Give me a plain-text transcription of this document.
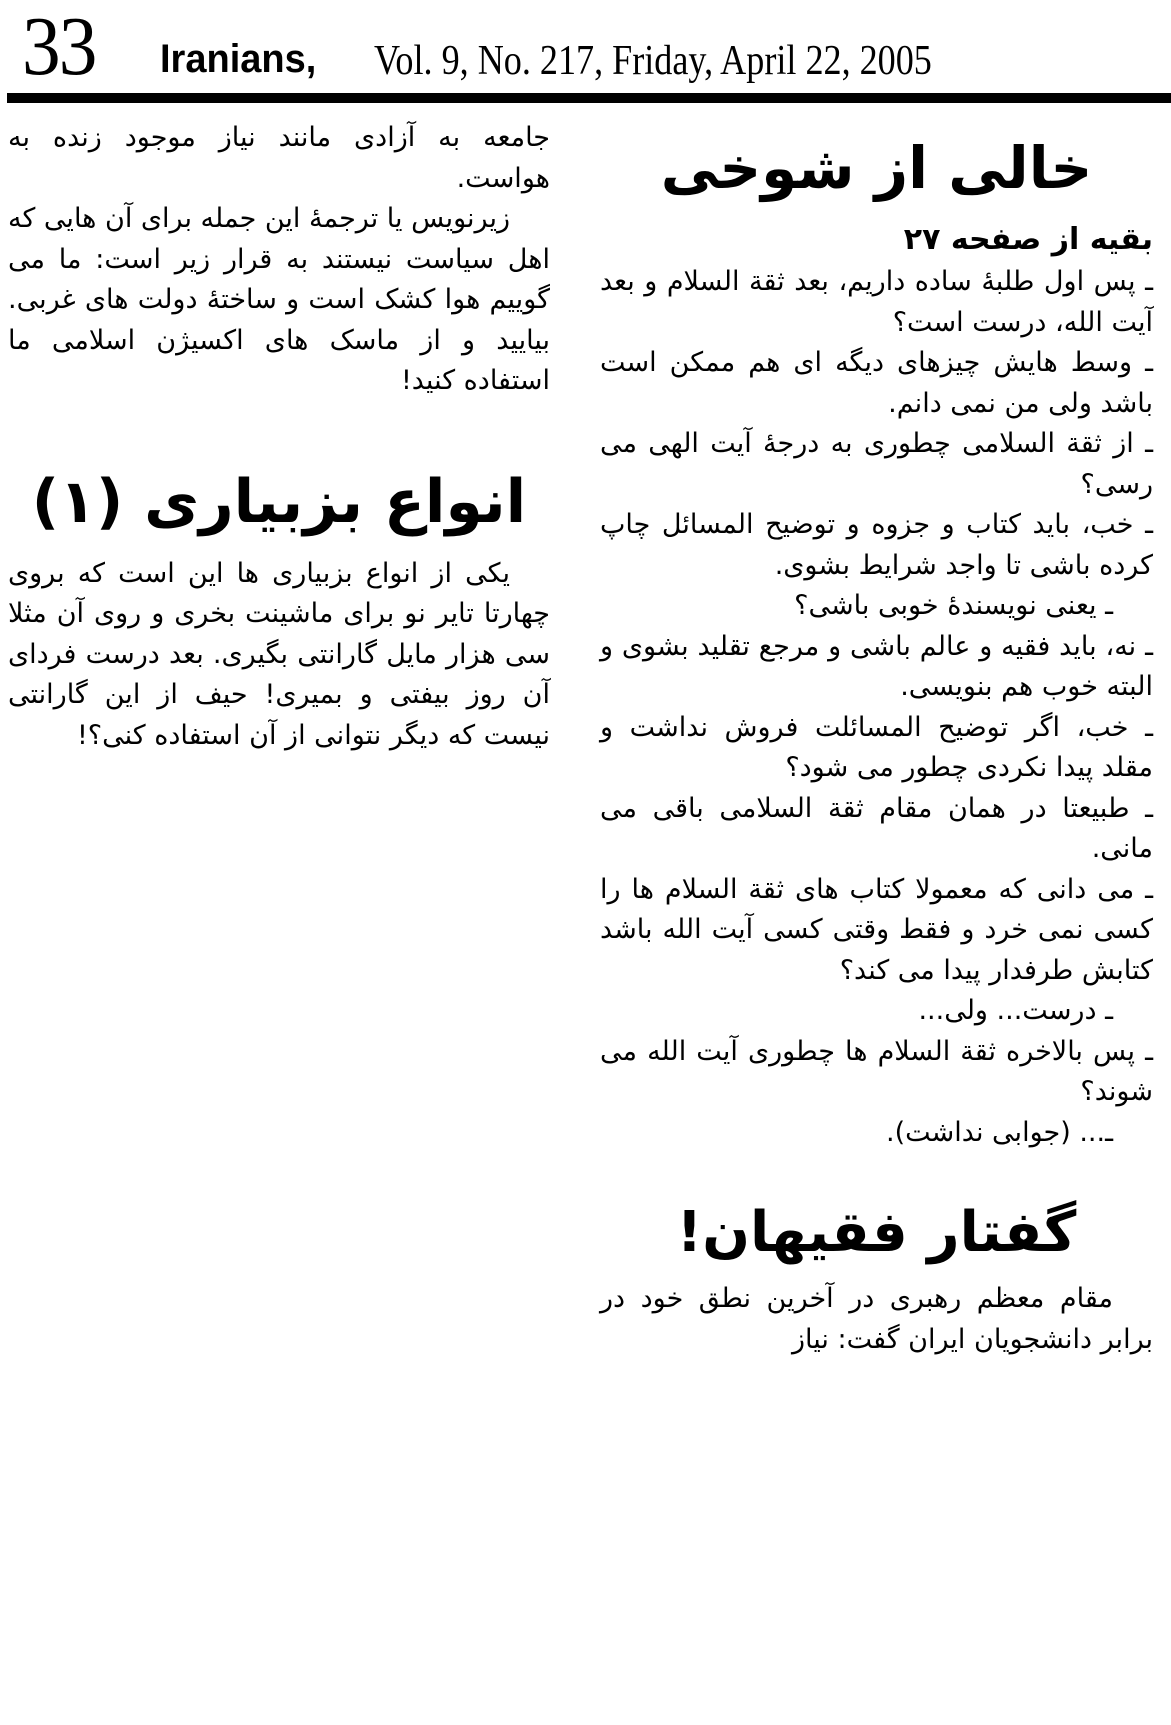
33 Iranians, Vol. 9, No. 217, Friday, April 22, 2005
خالی از شوخی
بقیه از صفحه ۲۷

ـ پس اول طلبهٔ ساده داریم، بعد ثقة السلام و بعد آیت الله، درست است؟

ـ وسط هایش چیزهای دیگه ای هم ممکن است باشد ولی من نمی دانم.

ـ از ثقة السلامی چطوری به درجهٔ آیت الهی می رسی؟

ـ خب، باید کتاب و جزوه و توضیح المسائل چاپ کرده باشی تا واجد شرایط بشوی.

ـ یعنی نویسندهٔ خوبی باشی؟

ـ نه، باید فقیه و عالم باشی و مرجع تقلید بشوی و البته خوب هم بنویسی.

ـ خب، اگر توضیح المسائلت فروش نداشت و مقلد پیدا نکردی چطور می شود؟

ـ طبیعتا در همان مقام ثقة السلامی باقی می مانی.

ـ می دانی که معمولا کتاب های ثقة السلام ها را کسی نمی خرد و فقط وقتی کسی آیت الله باشد کتابش طرفدار پیدا می کند؟

ـ درست... ولی...

ـ پس بالاخره ثقة السلام ها چطوری آیت الله می شوند؟

ـ... (جوابی نداشت).

گفتار فقیهان!

مقام معظم رهبری در آخرین نطق خود در برابر دانشجویان ایران گفت: نیاز

جامعه به آزادی مانند نیاز موجود زنده به هواست.

زیرنویس یا ترجمهٔ این جمله برای آن هایی که اهل سیاست نیستند به قرار زیر است: ما می گوییم هوا کشک است و ساختهٔ دولت های غربی. بیایید و از ماسک های اکسیژن اسلامی ما استفاده کنید!

انواع بزبیاری (۱)

یکی از انواع بزبیاری ها این است که بروی چهارتا تایر نو برای ماشینت بخری و روی آن مثلا سی هزار مایل گارانتی بگیری. بعد درست فردای آن روز بیفتی و بمیری! حیف از این گارانتی نیست که دیگر نتوانی از آن استفاده کنی؟!
